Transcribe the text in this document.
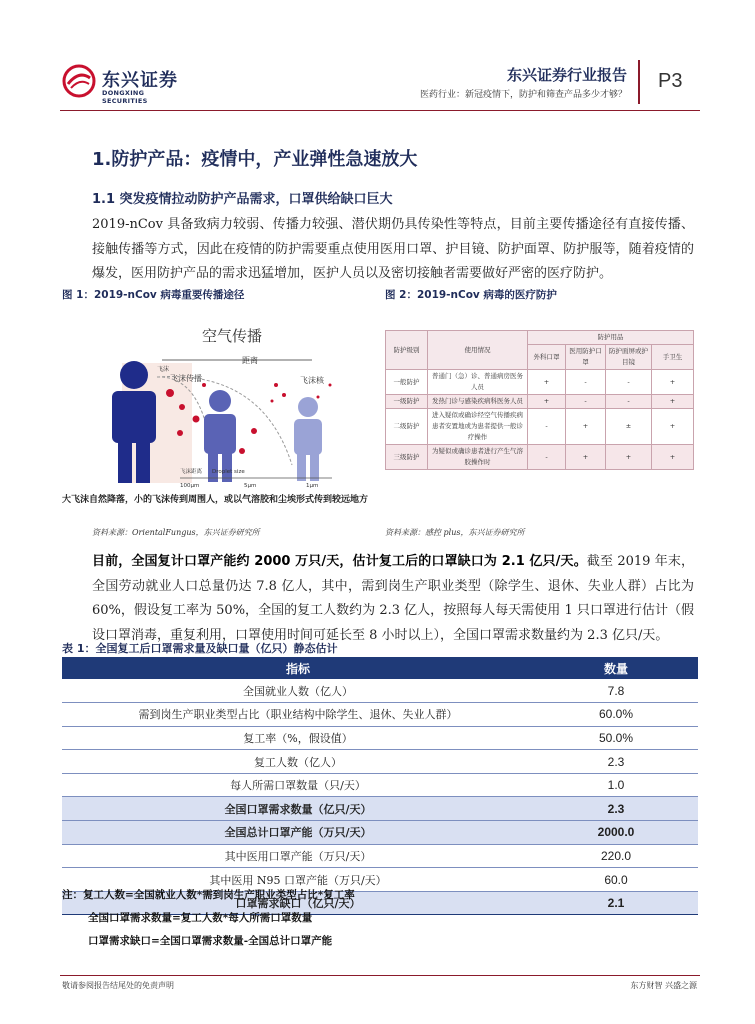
东兴证券
DONGXING SECURITIES
东兴证券行业报告
医药行业：新冠疫情下，防护和筛查产品多少才够？
P3
1.防护产品：疫情中，产业弹性急速放大
1.1 突发疫情拉动防护产品需求，口罩供给缺口巨大
2019-nCov 具备致病力较弱、传播力较强、潜伏期仍具传染性等特点，目前主要传播途径有直接传播、接触传播等方式，因此在疫情的防护需要重点使用医用口罩、护目镜、防护面罩、防护服等，随着疫情的爆发，医用防护产品的需求迅猛增加，医护人员以及密切接触者需要做好严密的医疗防护。
图 1：2019-nCov 病毒重要传播途径
空气传播
距离
飞沫传播	飞沫核
飞沫
飞沫距离 Droplet size
100μm	5μm	1μm
大飞沫自然降落，小的飞沫传到周围人，或以气溶胶和尘埃形式传到较远地方
图 2：2019-nCov 病毒的医疗防护
防护级别	使用情况	防护用品			
		外科口罩	医用防护口罩	防护面屏或护目镜	手卫生
一般防护	普通门（急）诊、普通病房医务人员	+	-	-	+
一级防护	发热门诊与感染疾病科医务人员	+	-	-	+
二级防护	进入疑似或确诊经空气传播疾病患者安置地或为患者提供一般诊疗操作	-	+	±	+
三级防护	为疑似或确诊患者进行产生气溶胶操作时	-	+	+	+
资料来源：OrientalFungus，东兴证券研究所	资料来源：感控 plus，东兴证券研究所
目前，全国复计口罩产能约 2000 万只/天，估计复工后的口罩缺口为 2.1 亿只/天。截至 2019 年末，全国劳动就业人口总量仍达 7.8 亿人，其中，需到岗生产职业类型（除学生、退休、失业人群）占比为 60%，假设复工率为 50%，全国的复工人数约为 2.3 亿人，按照每人每天需使用 1 只口罩进行估计（假设口罩消毒，重复利用，口罩使用时间可延长至 8 小时以上），全国口罩需求数量约为 2.3 亿只/天。
表 1：全国复工后口罩需求量及缺口量（亿只）静态估计
指标	数量
全国就业人数（亿人）	7.8
需到岗生产职业类型占比（职业结构中除学生、退休、失业人群）	60.0%
复工率（%，假设值）	50.0%
复工人数（亿人）	2.3
每人所需口罩数量（只/天）	1.0
全国口罩需求数量（亿只/天）	2.3
全国总计口罩产能（万只/天）	2000.0
其中医用口罩产能（万只/天）	220.0
其中医用 N95 口罩产能（万只/天）	60.0
口罩需求缺口（亿只/天）	2.1
注：复工人数=全国就业人数*需到岗生产职业类型占比*复工率
全国口罩需求数量=复工人数*每人所需口罩数量
口罩需求缺口=全国口罩需求数量-全国总计口罩产能
敬请参阅报告结尾处的免责声明	东方财智 兴盛之源
